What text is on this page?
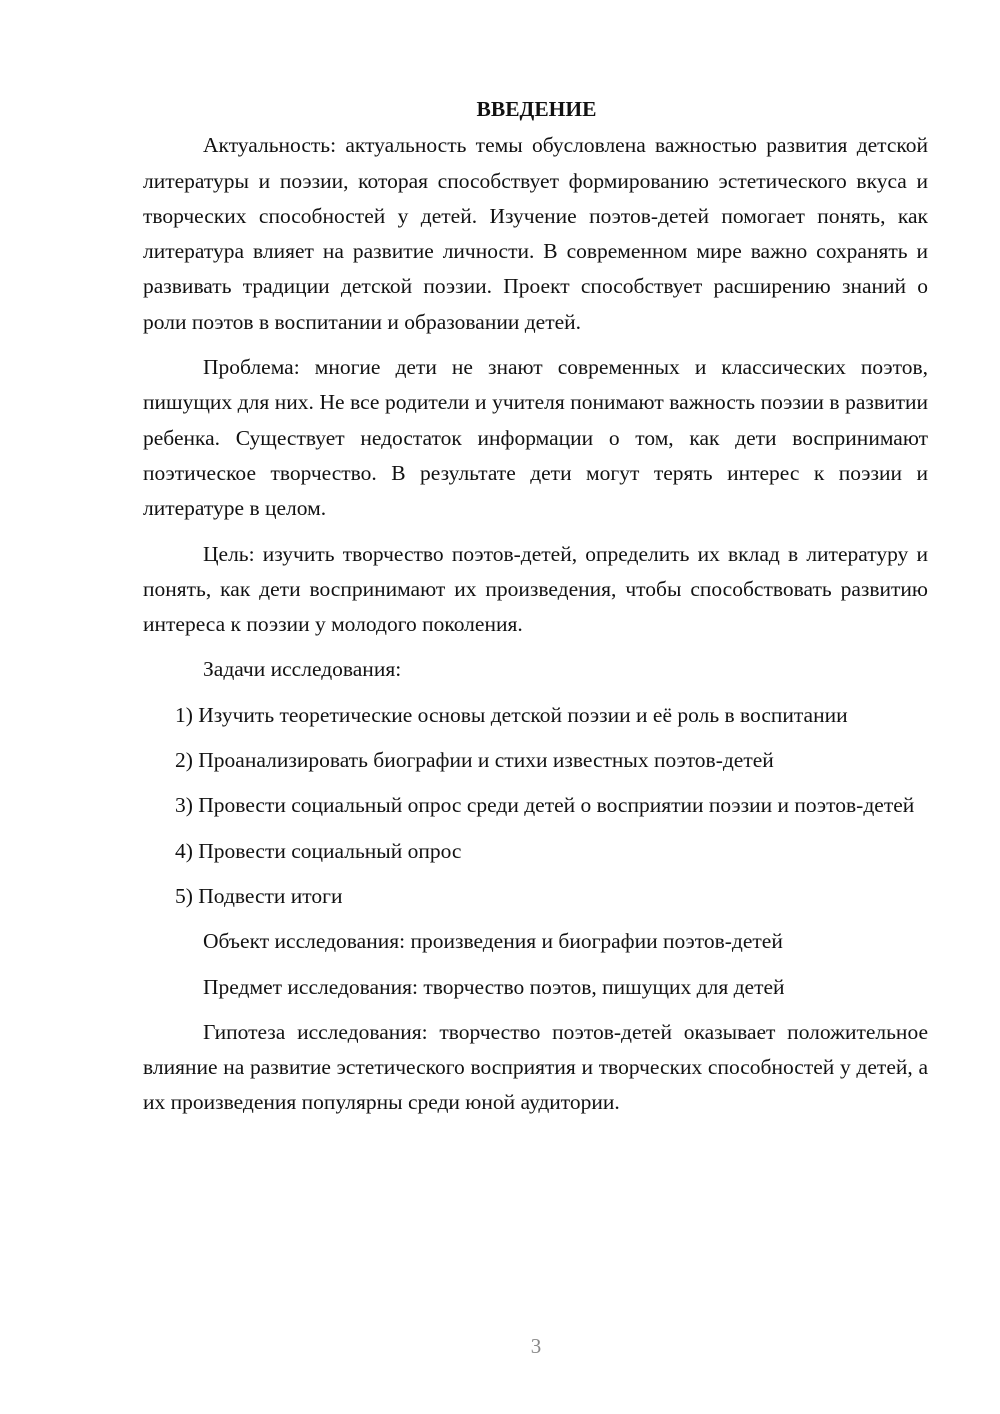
ВВЕДЕНИЕ

Актуальность: актуальность темы обусловлена важностью развития детской литературы и поэзии, которая способствует формированию эстетического вкуса и творческих способностей у детей. Изучение поэтов-детей помогает понять, как литература влияет на развитие личности. В современном мире важно сохранять и развивать традиции детской поэзии. Проект способствует расширению знаний о роли поэтов в воспитании и образовании детей.

Проблема: многие дети не знают современных и классических поэтов, пишущих для них. Не все родители и учителя понимают важность поэзии в развитии ребенка. Существует недостаток информации о том, как дети воспринимают поэтическое творчество. В результате дети могут терять интерес к поэзии и литературе в целом.

Цель: изучить творчество поэтов-детей, определить их вклад в литературу и понять, как дети воспринимают их произведения, чтобы способствовать развитию интереса к поэзии у молодого поколения.

Задачи исследования:

1) Изучить теоретические основы детской поэзии и её роль в воспитании

2) Проанализировать биографии и стихи известных поэтов-детей

3) Провести социальный опрос среди детей о восприятии поэзии и поэтов-детей

4) Провести социальный опрос

5) Подвести итоги

Объект исследования: произведения и биографии поэтов-детей

Предмет исследования: творчество поэтов, пишущих для детей

Гипотеза исследования: творчество поэтов-детей оказывает положительное влияние на развитие эстетического восприятия и творческих способностей у детей, а их произведения популярны среди юной аудитории.

3
